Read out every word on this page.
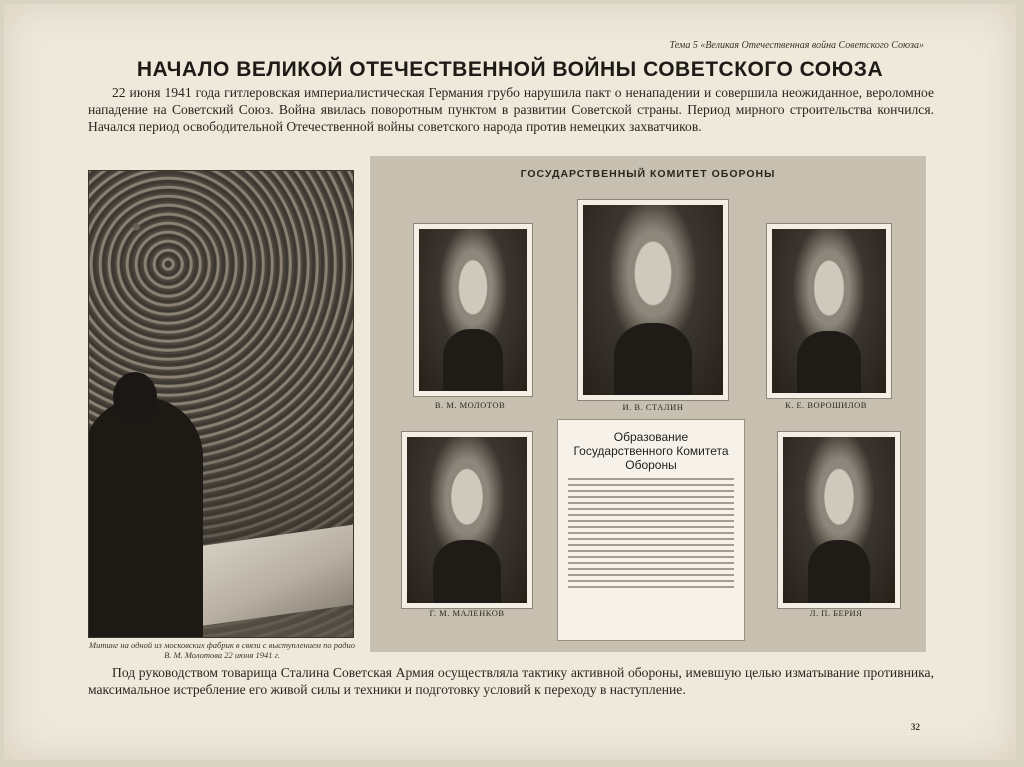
Тема 5 «Великая Отечественная война Советского Союза»
НАЧАЛО ВЕЛИКОЙ ОТЕЧЕСТВЕННОЙ ВОЙНЫ СОВЕТСКОГО СОЮЗА
22 июня 1941 года гитлеровская империалистическая Германия грубо нарушила пакт о ненападении и совершила неожиданное, вероломное нападение на Советский Союз. Война явилась поворотным пунктом в развитии Советской страны. Период мирного строительства кончился. Начался период освободительной Отечественной войны советского народа против немецких захватчиков.
Митинг на одной из московских фабрик в связи с выступлением по радио В. М. Молотова 22 июня 1941 г.
ГОСУДАРСТВЕННЫЙ КОМИТЕТ ОБОРОНЫ
В. М. МОЛОТОВ	И. В. СТАЛИН	К. Е. ВОРОШИЛОВ
Г. М. МАЛЕНКОВ	Л. П. БЕРИЯ
Образование Государственного Комитета Обороны
Под руководством товарища Сталина Советская Армия осуществляла тактику активной обороны, имевшую целью изматывание противника, максимальное истребление его живой силы и техники и подготовку условий к переходу в наступление.
32
